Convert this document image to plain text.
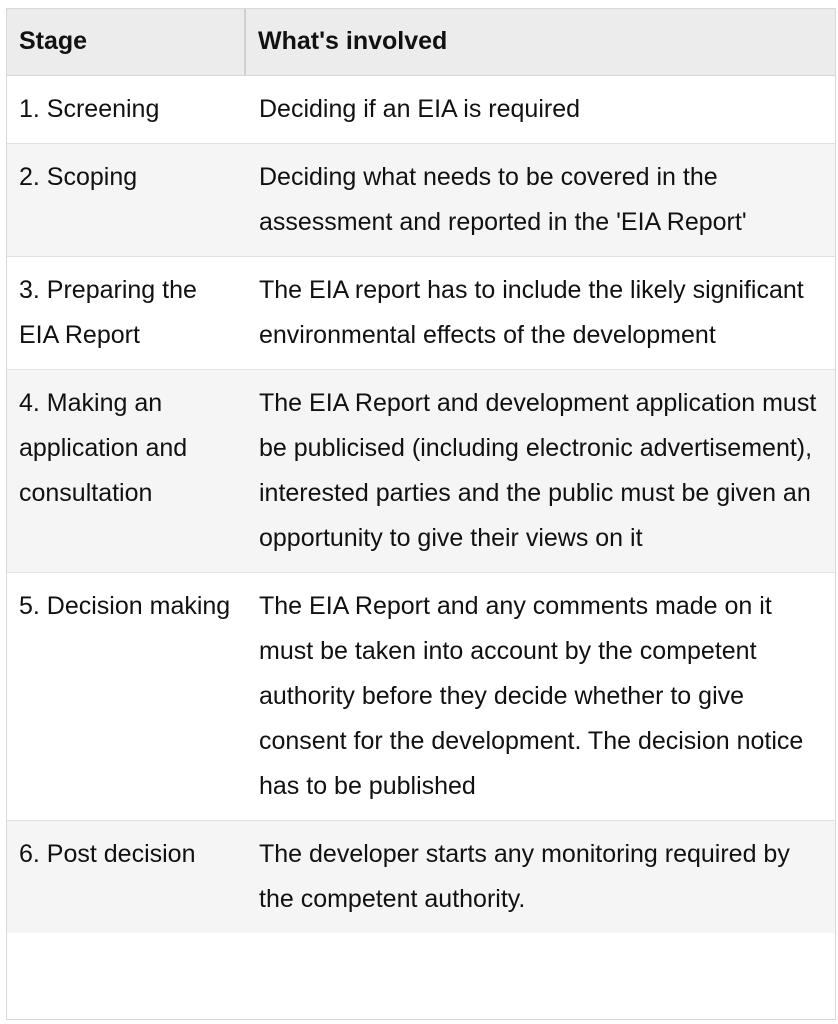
Stage	What's involved
1. Screening	Deciding if an EIA is required
2. Scoping	Deciding what needs to be covered in the assessment and reported in the 'EIA Report'
3. Preparing the EIA Report	The EIA report has to include the likely significant environmental effects of the development
4. Making an application and consultation	The EIA Report and development application must be publicised (including electronic advertisement), interested parties and the public must be given an opportunity to give their views on it
5. Decision making	The EIA Report and any comments made on it must be taken into account by the competent authority before they decide whether to give consent for the development. The decision notice has to be published
6. Post decision	The developer starts any monitoring required by the competent authority.
